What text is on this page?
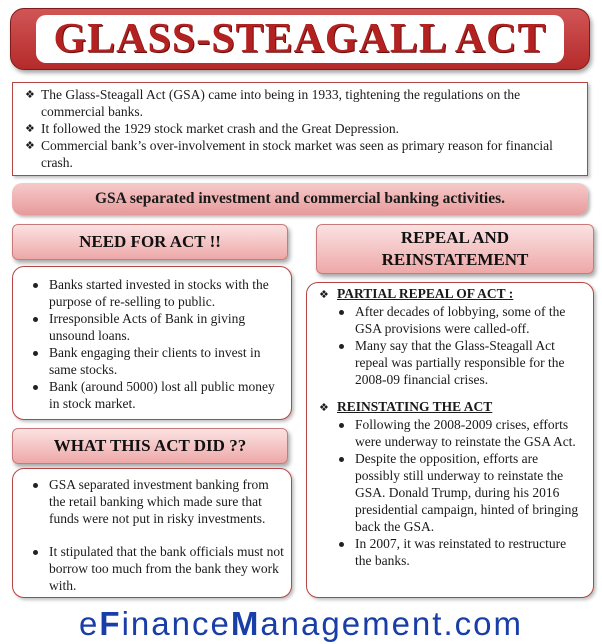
GLASS-STEAGALL ACT
❖ The Glass-Steagall Act (GSA) came into being in 1933, tightening the regulations on the commercial banks.
❖ It followed the 1929 stock market crash and the Great Depression.
❖ Commercial bank’s over-involvement in stock market was seen as primary reason for financial crash.
GSA separated investment and commercial banking activities.
NEED FOR ACT !!	REPEAL AND
REINSTATEMENT
Banks started invested in stocks with the purpose of re-selling to public.
Irresponsible Acts of Bank in giving unsound loans.
Bank engaging their clients to invest in same stocks.
Bank (around 5000) lost all public money in stock market.
WHAT THIS ACT DID ??
GSA separated investment banking from the retail banking which made sure that funds were not put in risky investments.
It stipulated that the bank officials must not borrow too much from the bank they work with.
❖ PARTIAL REPEAL OF ACT :
After decades of lobbying, some of the GSA provisions were called-off.
Many say that the Glass-Steagall Act repeal was partially responsible for the 2008-09 financial crises.
❖ REINSTATING THE ACT
Following the 2008-2009 crises, efforts were underway to reinstate the GSA Act.
Despite the opposition, efforts are possibly still underway to reinstate the GSA. Donald Trump, during his 2016 presidential campaign, hinted of bringing back the GSA.
In 2007, it was reinstated to restructure the banks.
e F inance M anagement.com
